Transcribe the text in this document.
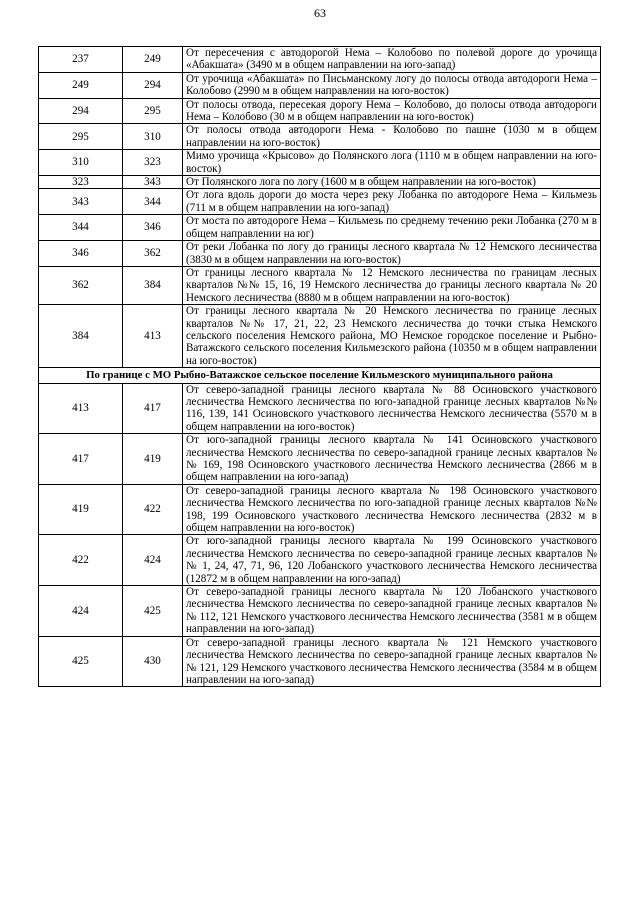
63
237	249	От пересечения с автодорогой Нема – Колобово по полевой дороге до урочища «Абакшата» (3490 м в общем направлении на юго-запад)
249	294	От урочища «Абакшата» по Письманскому логу до полосы отвода автодороги Нема – Колобово (2990 м в общем направлении на юго-восток)
294	295	От полосы отвода, пересекая дорогу Нема – Колобово, до полосы отвода автодороги Нема – Колобово (30 м в общем направлении на юго-восток)
295	310	От полосы отвода автодороги Нема - Колобово по пашне (1030 м в общем направлении на юго-восток)
310	323	Мимо урочища «Крысово» до Полянского лога (1110 м в общем направлении на юго-восток)
323	343	От Полянского лога по логу (1600 м в общем направлении на юго-восток)
343	344	От лога вдоль дороги до моста через реку Лобанка по автодороге Нема – Кильмезь (711 м в общем направлении на юго-запад)
344	346	От моста по автодороге Нема – Кильмезь по среднему течению реки Лобанка (270 м в общем направлении на юг)
346	362	От реки Лобанка по логу до границы лесного квартала № 12 Немского лесничества (3830 м в общем направлении на юго-восток)
362	384	От границы лесного квартала № 12 Немского лесничества по границам лесных кварталов №№ 15, 16, 19 Немского лесничества до границы лесного квартала № 20 Немского лесничества (8880 м в общем направлении на юго-восток)
384	413	От границы лесного квартала № 20 Немского лесничества по границе лесных кварталов №№ 17, 21, 22, 23 Немского лесничества до точки стыка Немского сельского поселения Немского района, МО Немское городское поселение и Рыбно-Ватажского сельского поселения Кильмезского района (10350 м в общем направлении на юго-восток)
По границе с МО Рыбно-Ватажское сельское поселение Кильмезского муниципального района		
413	417	От северо-западной границы лесного квартала № 88 Осиновского участкового лесничества Немского лесничества по юго-западной границе лесных кварталов №№ 116, 139, 141 Осиновского участкового лесничества Немского лесничества (5570 м в общем направлении на юго-восток)
417	419	От юго-западной границы лесного квартала № 141 Осиновского участкового лесничества Немского лесничества по северо-западной границе лесных кварталов №№ 169, 198 Осиновского участкового лесничества Немского лесничества (2866 м в общем направлении на юго-запад)
419	422	От северо-западной границы лесного квартала № 198 Осиновского участкового лесничества Немского лесничества по юго-западной границе лесных кварталов №№ 198, 199 Осиновского участкового лесничества Немского лесничества (2832 м в общем направлении на юго-восток)
422	424	От юго-западной границы лесного квартала № 199 Осиновского участкового лесничества Немского лесничества по северо-западной границе лесных кварталов №№ 1, 24, 47, 71, 96, 120 Лобанского участкового лесничества Немского лесничества (12872 м в общем направлении на юго-запад)
424	425	От северо-западной границы лесного квартала № 120 Лобанского участкового лесничества Немского лесничества по северо-западной границе лесных кварталов №№ 112, 121 Немского участкового лесничества Немского лесничества (3581 м в общем направлении на юго-запад)
425	430	От северо-западной границы лесного квартала № 121 Немского участкового лесничества Немского лесничества по северо-западной границе лесных кварталов №№ 121, 129 Немского участкового лесничества Немского лесничества (3584 м в общем направлении на юго-запад)
